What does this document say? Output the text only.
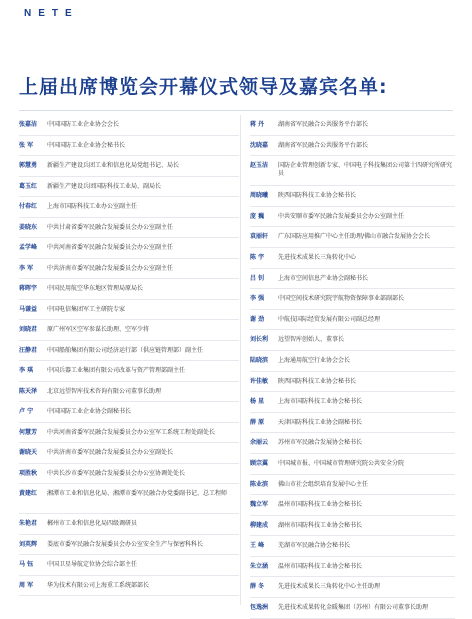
NETE
上届出席博览会开幕仪式领导及嘉宾名单:
张嘉洁	中国国防工业企业协会会长
张 军	中国国防工业企业协会秘书长
郭慧勇	新疆生产建设兵团工业和信息化局党组书记、局长
葛玉红	新疆生产建设兵团国防科技工业局、副局长
付春红	上海市国防科技工业办公室副主任
姜晓东	中共甘肃省委军民融合发展委员会办公室副主任
孟学峰	中共河南省委军民融合发展委员会办公室副主任
李 军	中共济南市委军民融合发展委员会办公室副主任
蒋晖宇	中国民用航空华东地区管理局原局长
马谦益	中国电信集团军工主研院专家
刘晓君	原广州军区空军参谋长助理、空军少将
汪静君	中国船舶集团有限公司经济运行部（供应链管理部）副主任
李 琪	中国兵器工业集团有限公司改革与资产管理部副主任
陈天泽	北京远望智库技术咨询有限公司董事长助理
卢 宁	中国国防工业企业协会副秘书长
何慧芳	中共河南省委军民融合发展委员会办公室军工系统工程处副处长
谢晓天	中共济南市委军民融合发展委员会办公室副处长
项胜秋	中共长沙市委军民融合发展委员会办公室协调处处长
黄建红	湘潭市工业和信息化局、湘潭市委军民融合办党委副书记、总工程师
朱艳君	郴州市工业和信息化局四级调研员
刘英辉	娄底市委军民融合发展委员会办公室安全生产与保密科科长
马 钰	中国卫星导航定位协会综合部主任
周 军	华为技术有限公司上海重工系统部部长
蒋 丹	湖南省军民融合公共服务平台部长
沈晓嘉	湖南省军民融合公共服务平台部长
赵玉洁	国防企业管理创新专家、中国电子科技集团公司第十四研究所研究员
周晓曦	陕西国防科技工业协会秘书长
庞 巍	中共安顺市委军民融合发展委员会办公室副主任
袁丽轩	广东国防应用推广中心主任助理/佛山市融合发展协会会长
陈 宇	先进技术成果长三角转化中心
吕 钊	上海市空间信息产业协会副秘书长
李 强	中国空间技术研究院宇航物资保障事业部副部长
谢 劲	中航技国际经贸发展有限公司副总经理
刘长利	远望智库创始人、董事长
陆晓滨	上海通用航空行业协会会长
许佳敏	陕西国防科技工业协会秘书长
杨 星	上海市国防科技工业协会秘书长
薛 原	天津国防科技工业协会副秘书长
余丽云	苏州市军民融合发展协会秘书长
顾宗翼	中国城市报、中国城市管理研究院公共安全分院
陈业滨	佛山市社会组织培育发展中心主任
魏立军	温州市国防科技工业协会秘书长
柳建成	湖州市国防科技工业协会秘书长
王 峰	芜湖市军民融合协会秘书长
朱立涵	温州市国防科技工业协会秘书长
薛 冬	先进技术成果长三角转化中心主任助理
包逸洲	先进技术成果转化金暖集团（苏州）有限公司董事长助理
